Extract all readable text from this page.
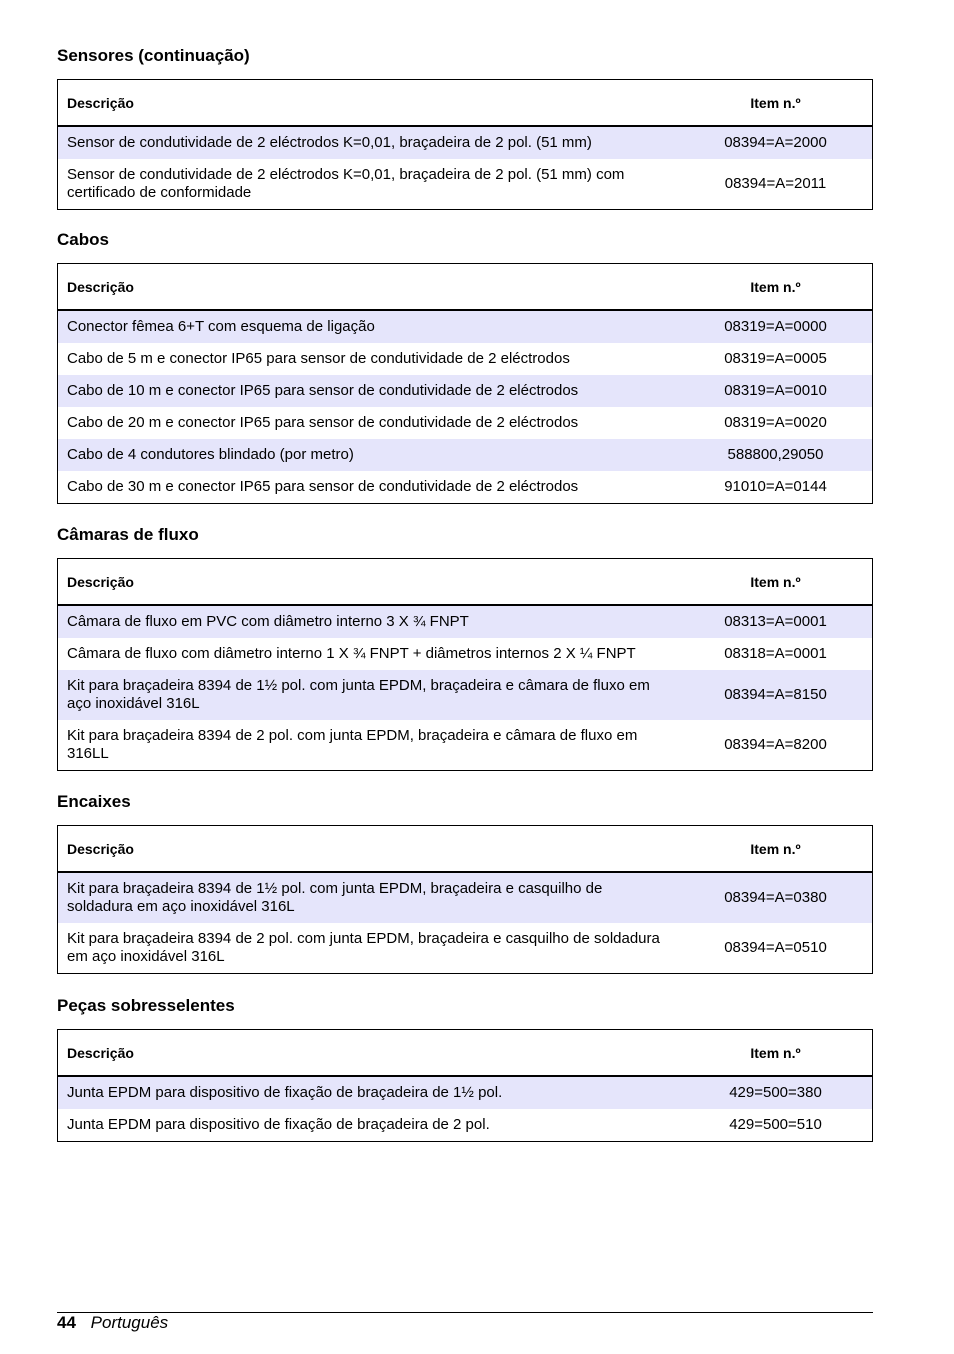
Sensores (continuação)
Descrição	Item n.º
Sensor de condutividade de 2 eléctrodos K=0,01, braçadeira de 2 pol. (51 mm)	08394=A=2000
Sensor de condutividade de 2 eléctrodos K=0,01, braçadeira de 2 pol. (51 mm) com certificado de conformidade	08394=A=2011
Cabos
Descrição	Item n.º
Conector fêmea 6+T com esquema de ligação	08319=A=0000
Cabo de 5 m e conector IP65 para sensor de condutividade de 2 eléctrodos	08319=A=0005
Cabo de 10 m e conector IP65 para sensor de condutividade de 2 eléctrodos	08319=A=0010
Cabo de 20 m e conector IP65 para sensor de condutividade de 2 eléctrodos	08319=A=0020
Cabo de 4 condutores blindado (por metro)	588800,29050
Cabo de 30 m e conector IP65 para sensor de condutividade de 2 eléctrodos	91010=A=0144
Câmaras de fluxo
Descrição	Item n.º
Câmara de fluxo em PVC com diâmetro interno 3 X ¾ FNPT	08313=A=0001
Câmara de fluxo com diâmetro interno 1 X ¾ FNPT + diâmetros internos 2 X ¼ FNPT	08318=A=0001
Kit para braçadeira 8394 de 1½ pol. com junta EPDM, braçadeira e câmara de fluxo em aço inoxidável 316L	08394=A=8150
Kit para braçadeira 8394 de 2 pol. com junta EPDM, braçadeira e câmara de fluxo em 316LL	08394=A=8200
Encaixes
Descrição	Item n.º
Kit para braçadeira 8394 de 1½ pol. com junta EPDM, braçadeira e casquilho de soldadura em aço inoxidável 316L	08394=A=0380
Kit para braçadeira 8394 de 2 pol. com junta EPDM, braçadeira e casquilho de soldadura em aço inoxidável 316L	08394=A=0510
Peças sobresselentes
Descrição	Item n.º
Junta EPDM para dispositivo de fixação de braçadeira de 1½ pol.	429=500=380
Junta EPDM para dispositivo de fixação de braçadeira de 2 pol.	429=500=510
44 Português
